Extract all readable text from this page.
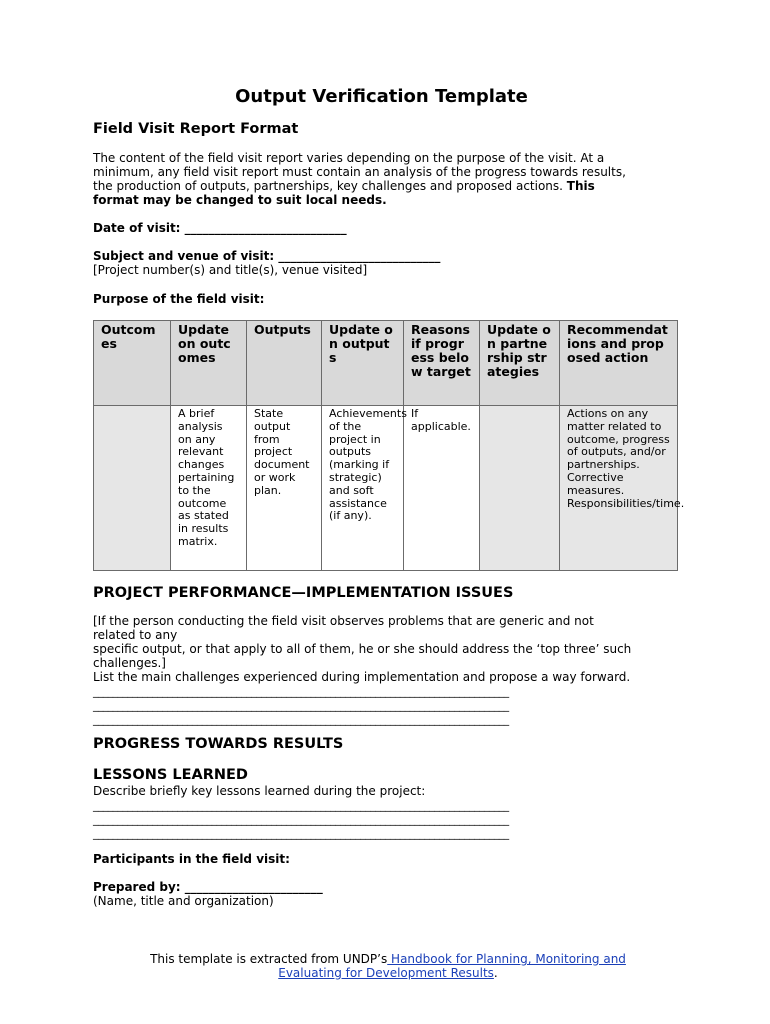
Output Verification Template
Field Visit Report Format
The content of the field visit report varies depending on the purpose of the visit. At a
minimum, any field visit report must contain an analysis of the progress towards results,
the production of outputs, partnerships, key challenges and proposed actions. This
format may be changed to suit local needs.
Date of visit: ___________________________
Subject and venue of visit: ___________________________
[Project number(s) and title(s), venue visited]
Purpose of the field visit:
Outcomes	Update on outcomes	Outputs	Update on outputs	Reasons if progress below target	Update on partnership strategies	Recommendations and proposed action
	A brief analysis on any relevant changes pertaining to the outcome as stated in results matrix.	State output from project document or work plan.	Achievements of the project in outputs (marking if strategic) and soft assistance (if any).	If applicable.		Actions on any matter related to outcome, progress of outputs, and/or partnerships. Corrective measures. Responsibilities/time.
PROJECT PERFORMANCE—IMPLEMENTATION ISSUES
[If the person conducting the field visit observes problems that are generic and not
related to any
specific output, or that apply to all of them, he or she should address the ‘top three’ such
challenges.]
List the main challenges experienced during implementation and propose a way forward.
____________________________________________________________________________________
____________________________________________________________________________________
____________________________________________________________________________________
PROGRESS TOWARDS RESULTS
LESSONS LEARNED
Describe briefly key lessons learned during the project:
____________________________________________________________________________________
____________________________________________________________________________________
____________________________________________________________________________________
Participants in the field visit:
Prepared by: _______________________
(Name, title and organization)
This template is extracted from UNDP’s Handbook for Planning, Monitoring and
Evaluating for Development Results.
